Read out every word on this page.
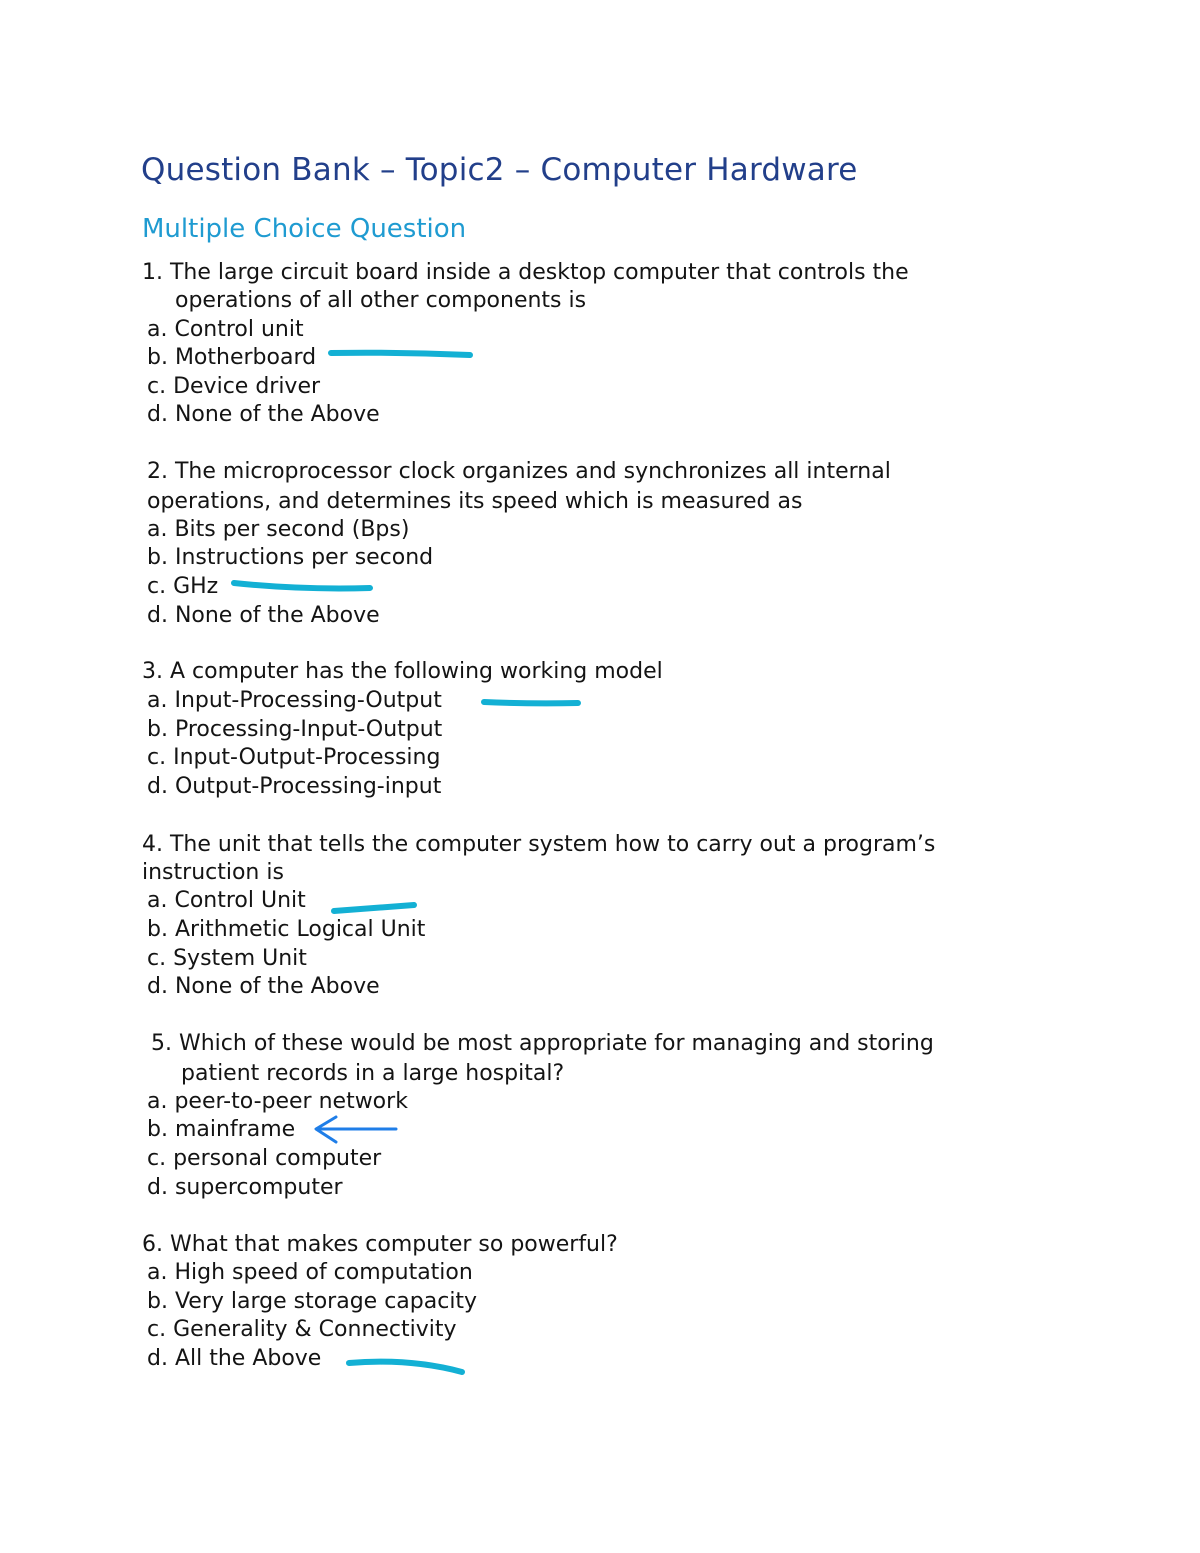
Question Bank – Topic2 – Computer Hardware
Multiple Choice Question
1. The large circuit board inside a desktop computer that controls the
operations of all other components is
a. Control unit
b. Motherboard
c. Device driver
d. None of the Above
2. The microprocessor clock organizes and synchronizes all internal
operations, and determines its speed which is measured as
a. Bits per second (Bps)
b. Instructions per second
c. GHz
d. None of the Above
3. A computer has the following working model
a. Input-Processing-Output
b. Processing-Input-Output
c. Input-Output-Processing
d. Output-Processing-input
4. The unit that tells the computer system how to carry out a program’s
instruction is
a. Control Unit
b. Arithmetic Logical Unit
c. System Unit
d. None of the Above
5. Which of these would be most appropriate for managing and storing
patient records in a large hospital?
a. peer-to-peer network
b. mainframe
c. personal computer
d. supercomputer
6. What that makes computer so powerful?
a. High speed of computation
b. Very large storage capacity
c. Generality & Connectivity
d. All the Above
